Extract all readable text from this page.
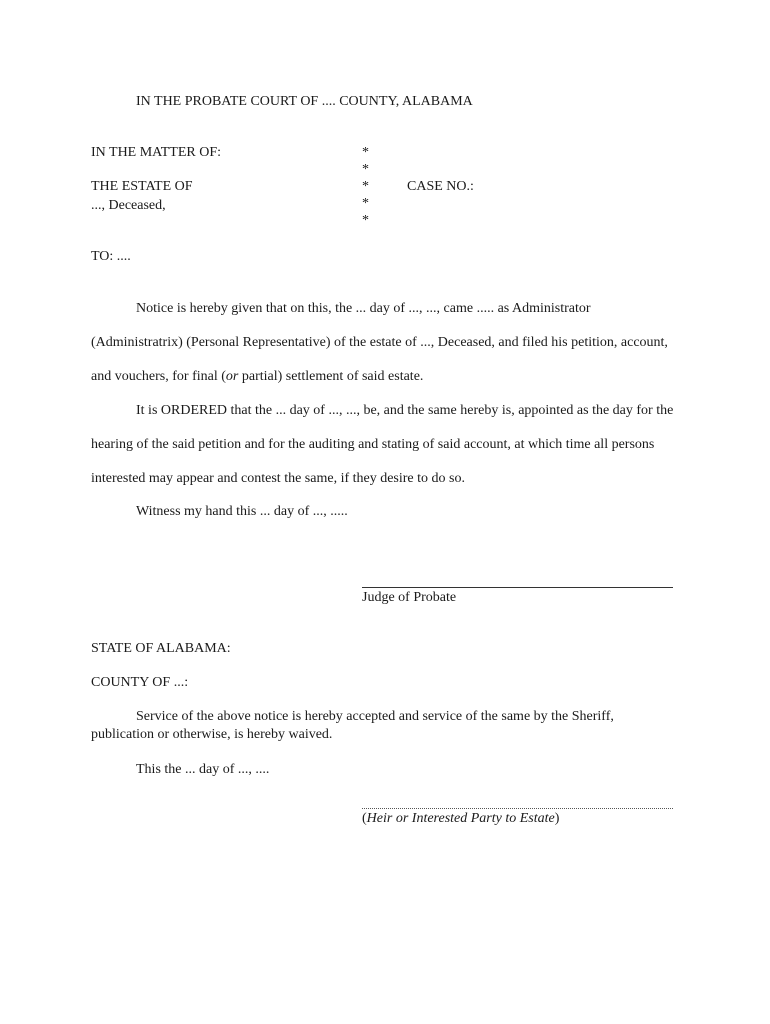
IN THE PROBATE COURT OF .... COUNTY, ALABAMA
IN THE MATTER OF:
THE ESTATE OF
..., Deceased,
*
*
*
*
*
CASE NO.:
TO: ....
Notice is hereby given that on this, the ... day of ..., ..., came ..... as Administrator (Administratrix) (Personal Representative) of the estate of ..., Deceased, and filed his petition, account, and vouchers, for final (or partial) settlement of said estate.
It is ORDERED that the ... day of ..., ..., be, and the same hereby is, appointed as the day for the hearing of the said petition and for the auditing and stating of said account, at which time all persons interested may appear and contest the same, if they desire to do so.
Witness my hand this ... day of ..., .....
Judge of Probate
STATE OF ALABAMA:
COUNTY OF ...:
Service of the above notice is hereby accepted and service of the same by the Sheriff, publication or otherwise, is hereby waived.
This the ... day of ..., ....
(Heir or Interested Party to Estate)
